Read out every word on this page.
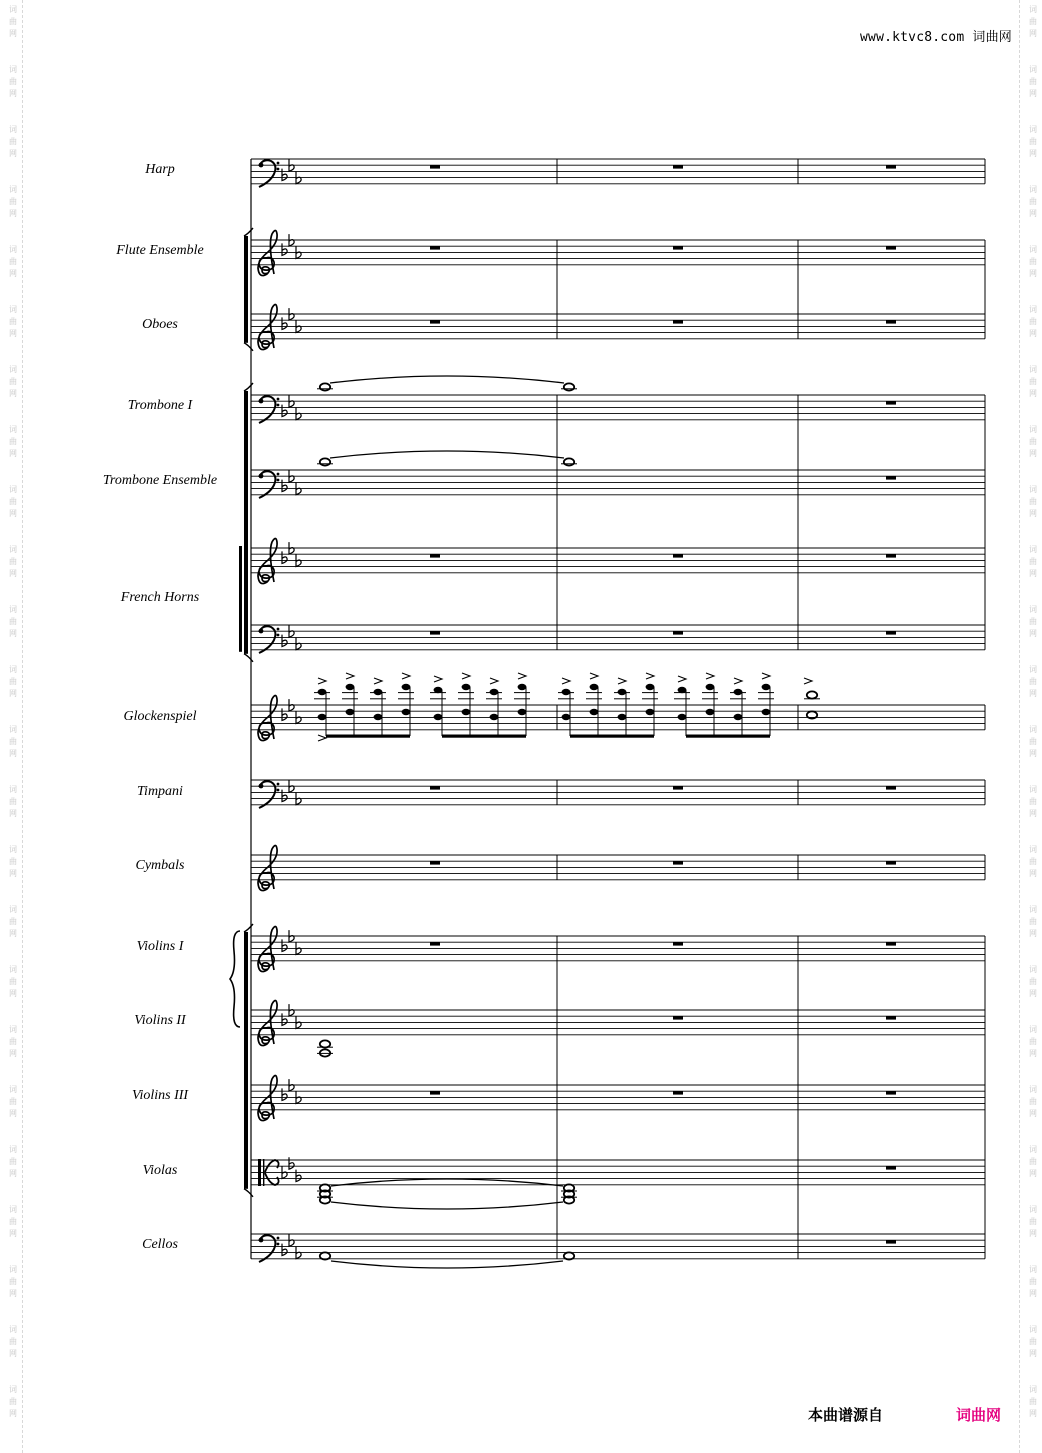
词
曲
网
词
曲
网
词
曲
网
词
曲
网
词
曲
网
词
曲
网
词
曲
网
词
曲
网
词
曲
网
词
曲
网
词
曲
网
词
曲
网
词
曲
网
词
曲
网
词
曲
网
词
曲
网
词
曲
网
词
曲
网
词
曲
网
词
曲
网
词
曲
网
词
曲
网
词
曲
网
词
曲
网
词
曲
网
词
曲
网
词
曲
网
词
曲
网
词
曲
网
词
曲
网
词
曲
网
词
曲
网
词
曲
网
词
曲
网
词
曲
网
词
曲
网
词
曲
网
词
曲
网
词
曲
网
词
曲
网
词
曲
网
词
曲
网
词
曲
网
词
曲
网
词
曲
网
词
曲
网
词
曲
网
词
曲
网
www.ktvc8.com 词曲网
Harp
Flute Ensemble
Oboes
Trombone I
Trombone Ensemble
French Horns
Glockenspiel
Timpani
Cymbals
Violins I
Violins II
Violins III
Violas
Cellos
本曲谱源自	词曲网
